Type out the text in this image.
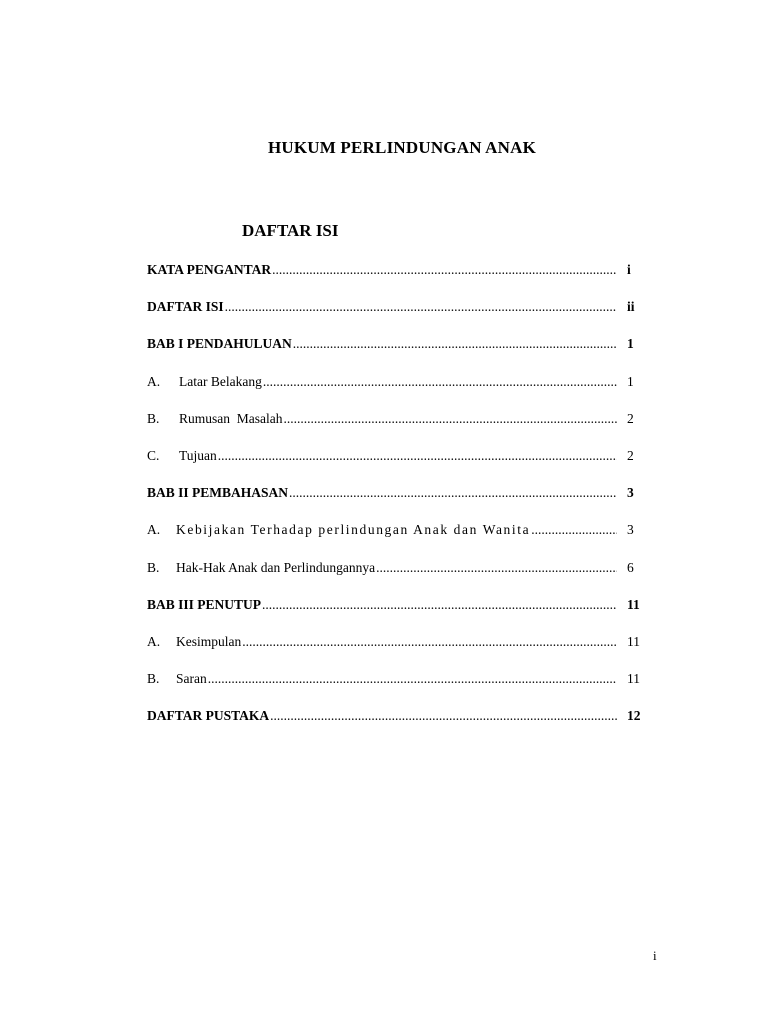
HUKUM PERLINDUNGAN ANAK
DAFTAR ISI
KATA PENGANTAR .....	i
DAFTAR ISI .....	ii
BAB I PENDAHULUAN .....	1
A.	Latar Belakang .....	1
B.	Rumusan  Masalah .....	2
C.	Tujuan .....	2
BAB II PEMBAHASAN .....	3
A.	Kebijakan Terhadap perlindungan Anak dan Wanita .....	3
B.	Hak-Hak Anak dan Perlindungannya .....	6
BAB III PENUTUP .....	11
A.	Kesimpulan .....	11
B.	Saran .....	11
DAFTAR PUSTAKA .....	12
i
